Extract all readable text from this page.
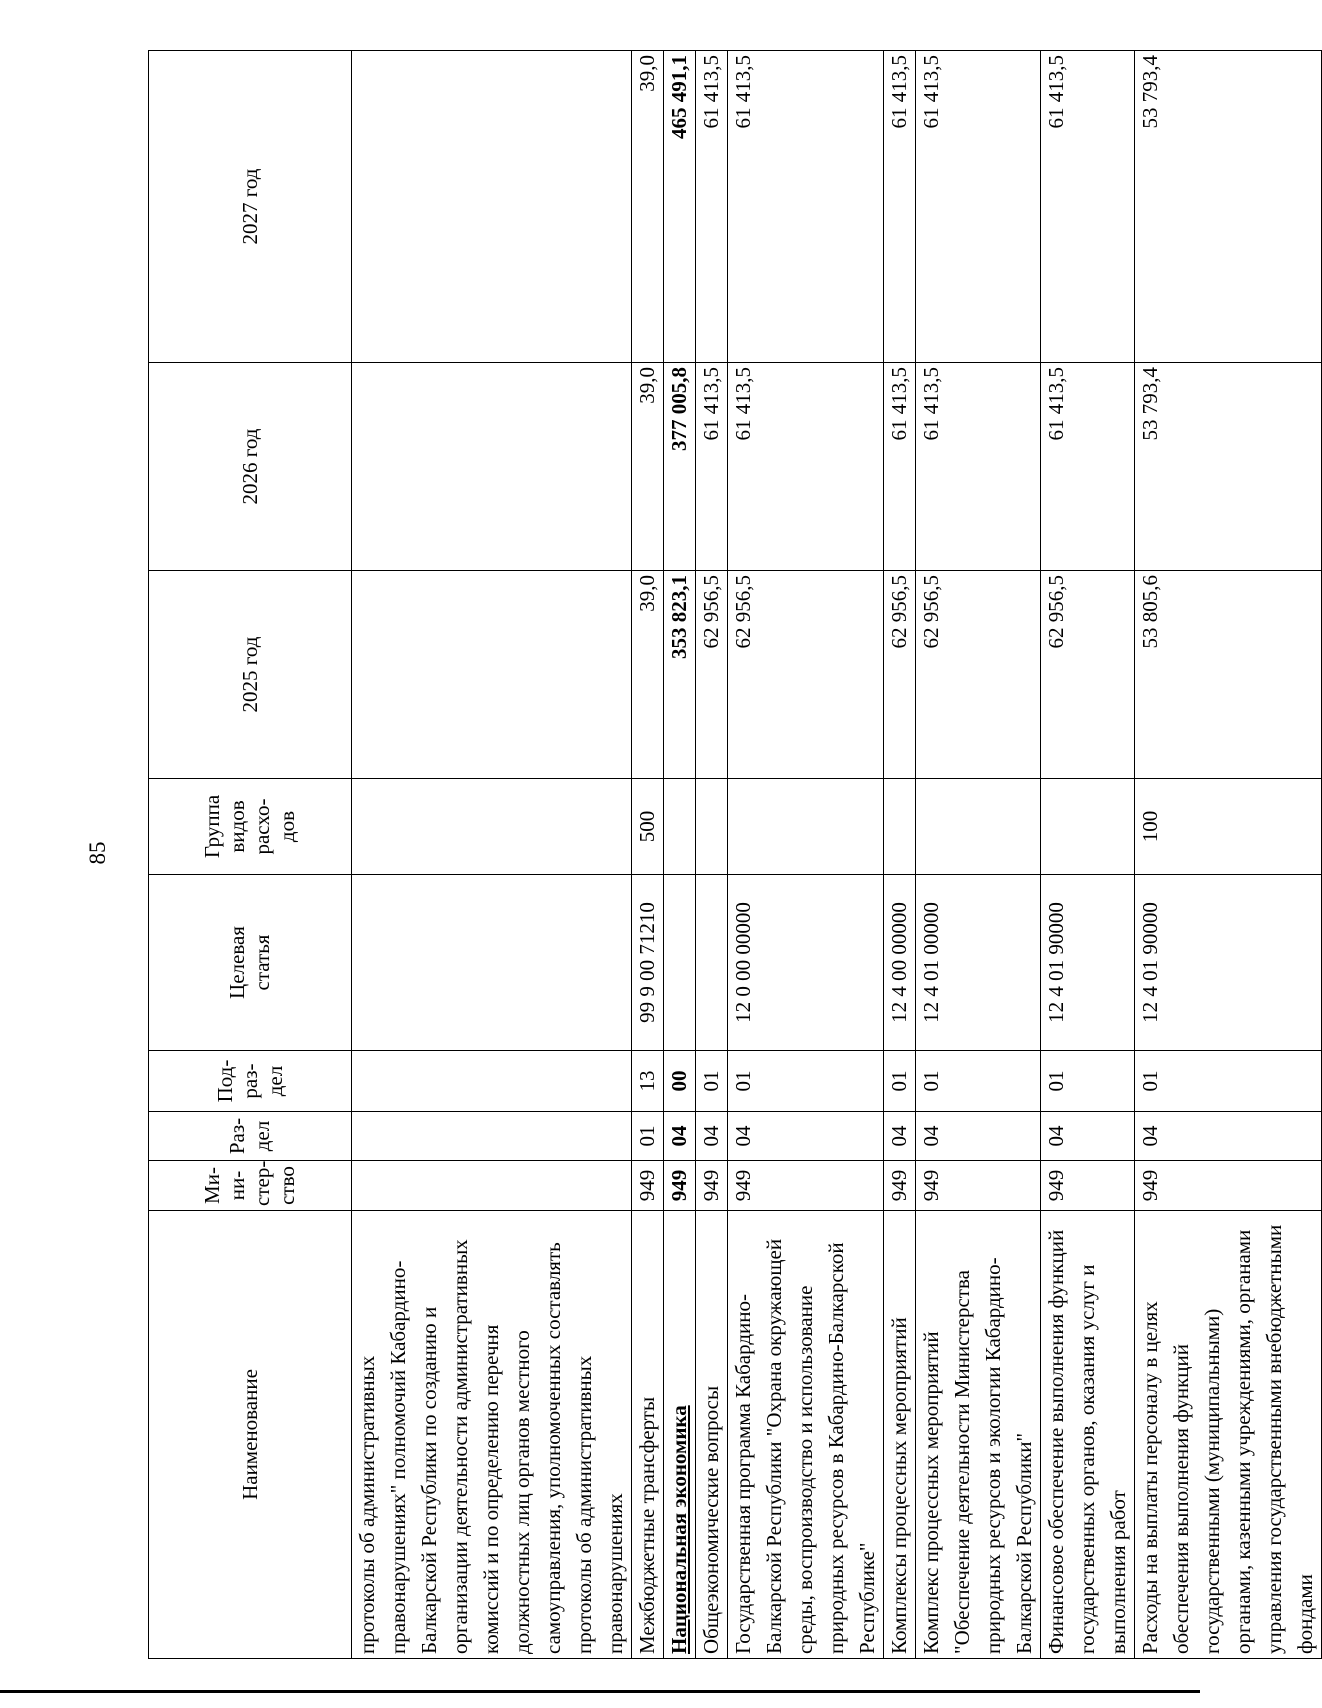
85
Наименование	Ми-
ни-
стер-
ство	Раз-
дел	Под-
раз-
дел	Целевая
статья	Группа
видов
расхо-
дов	2025 год	2026 год	2027 год
протоколы об административных правонарушениях" полномочий Кабардино-Балкарской Республики по созданию и организации деятельности административных комиссий и по определению перечня должностных лиц органов местного самоуправления, уполномоченных составлять протоколы об административных правонарушениях								
Межбюджетные трансферты	949	01	13	99 9 00 71210	500	39,0	39,0	39,0
Национальная экономика	949	04	00			353 823,1	377 005,8	465 491,1
Общеэкономические вопросы	949	04	01			62 956,5	61 413,5	61 413,5
Государственная программа Кабардино-Балкарской Республики "Охрана окружающей среды, воспроизводство и использование природных ресурсов в Кабардино-Балкарской Республике"	949	04	01	12 0 00 00000		62 956,5	61 413,5	61 413,5
Комплексы процессных мероприятий	949	04	01	12 4 00 00000		62 956,5	61 413,5	61 413,5
Комплекс процессных мероприятий "Обеспечение деятельности Министерства природных ресурсов и экологии Кабардино-Балкарской Республики"	949	04	01	12 4 01 00000		62 956,5	61 413,5	61 413,5
Финансовое обеспечение выполнения функций государственных органов, оказания услуг и выполнения работ	949	04	01	12 4 01 90000		62 956,5	61 413,5	61 413,5
Расходы на выплаты персоналу в целях обеспечения выполнения функций государственными (муниципальными) органами, казенными учреждениями, органами управления государственными внебюджетными фондами	949	04	01	12 4 01 90000	100	53 805,6	53 793,4	53 793,4
